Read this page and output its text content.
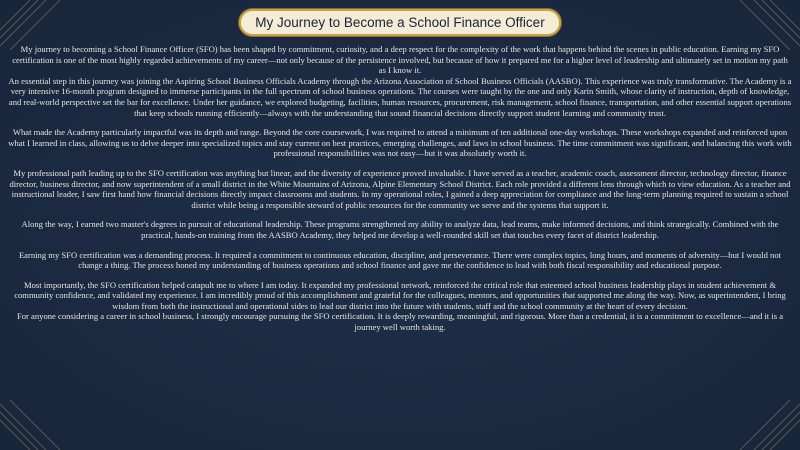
My Journey to Become a School Finance Officer

My journey to becoming a School Finance Officer (SFO) has been shaped by commitment, curiosity, and a deep respect for the complexity of the work that happens behind the scenes in public education. Earning my SFO certification is one of the most highly regarded achievements of my career—not only because of the persistence involved, but because of how it prepared me for a higher level of leadership and ultimately set in motion my path as I know it.

An essential step in this journey was joining the Aspiring School Business Officials Academy through the Arizona Association of School Business Officials (AASBO). This experience was truly transformative. The Academy is a very intensive 16-month program designed to immerse participants in the full spectrum of school business operations. The courses were taught by the one and only Karin Smith, whose clarity of instruction, depth of knowledge, and real-world perspective set the bar for excellence. Under her guidance, we explored budgeting, facilities, human resources, procurement, risk management, school finance, transportation, and other essential support operations that keep schools running efficiently—always with the understanding that sound financial decisions directly support student learning and community trust.

What made the Academy particularly impactful was its depth and range. Beyond the core coursework, I was required to attend a minimum of ten additional one-day workshops. These workshops expanded and reinforced upon what I learned in class, allowing us to delve deeper into specialized topics and stay current on best practices, emerging challenges, and laws in school business. The time commitment was significant, and balancing this work with professional responsibilities was not easy—but it was absolutely worth it.

My professional path leading up to the SFO certification was anything but linear, and the diversity of experience proved invaluable. I have served as a teacher, academic coach, assessment director, technology director, finance director, business director, and now superintendent of a small district in the White Mountains of Arizona, Alpine Elementary School District. Each role provided a different lens through which to view education. As a teacher and instructional leader, I saw first hand how financial decisions directly impact classrooms and students. In my operational roles, I gained a deep appreciation for compliance and the long-term planning required to sustain a school district while being a responsible steward of public resources for the community we serve and the systems that support it.

Along the way, I earned two master's degrees in pursuit of educational leadership. These programs strengthened my ability to analyze data, lead teams, make informed decisions, and think strategically. Combined with the practical, hands-on training from the AASBO Academy, they helped me develop a well-rounded skill set that touches every facet of district leadership.

Earning my SFO certification was a demanding process. It required a commitment to continuous education, discipline, and perseverance. There were complex topics, long hours, and moments of adversity—but I would not change a thing. The process honed my understanding of business operations and school finance and gave me the confidence to lead with both fiscal responsibility and educational purpose.

Most importantly, the SFO certification helped catapult me to where I am today. It expanded my professional network, reinforced the critical role that esteemed school business leadership plays in student achievement & community confidence, and validated my experience. I am incredibly proud of this accomplishment and grateful for the colleagues, mentors, and opportunities that supported me along the way. Now, as superintendent, I bring wisdom from both the instructional and operational sides to lead our district into the future with students, staff and the school community at the heart of every decision.

For anyone considering a career in school business, I strongly encourage pursuing the SFO certification. It is deeply rewarding, meaningful, and rigorous. More than a credential, it is a commitment to excellence—and it is a journey well worth taking.
